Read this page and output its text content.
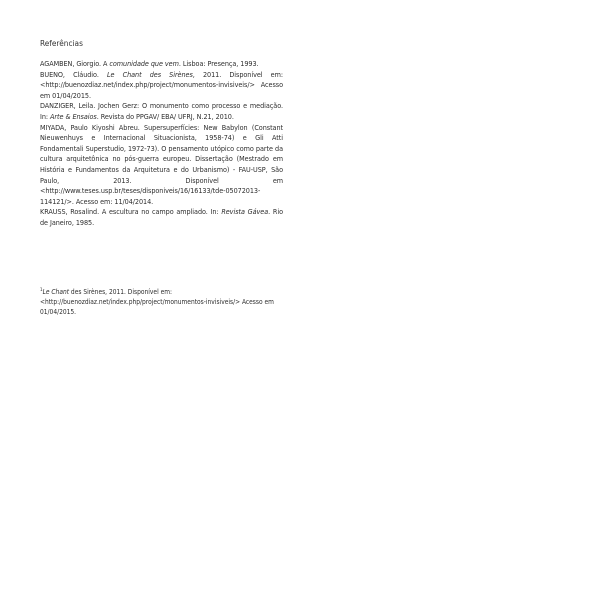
Referências

AGAMBEN, Giorgio. A comunidade que vem. Lisboa: Presença, 1993.

BUENO, Cláudio. Le Chant des Sirènes, 2011. Disponível em: <http://buenozdiaz.net/index.php/project/monumentos-invisiveis/> Acesso em 01/04/2015.

DANZIGER, Leila. Jochen Gerz: O monumento como processo e mediação. In: Arte & Ensaios. Revista do PPGAV/ EBA/ UFRJ, N.21, 2010.

MIYADA, Paulo Kiyoshi Abreu. Supersuperfícies: New Babylon (Constant Nieuwenhuys e Internacional Situacionista, 1958-74) e Gli Atti Fondamentali Superstudio, 1972-73). O pensamento utópico como parte da cultura arquitetônica no pós-guerra europeu. Dissertação (Mestrado em História e Fundamentos da Arquitetura e do Urbanismo) - FAU-USP, São Paulo, 2013. Disponível em <http://www.teses.usp.br/teses/disponiveis/16/16133/tde-05072013-114121/>. Acesso em: 11/04/2014.

KRAUSS, Rosalind. A escultura no campo ampliado. In: Revista Gávea. Rio de Janeiro, 1985.

$^1$Le Chant des Sirènes, 2011. Disponível em: <http://buenozdiaz.net/index.php/project/monumentos-invisiveis/> Acesso em 01/04/2015.
